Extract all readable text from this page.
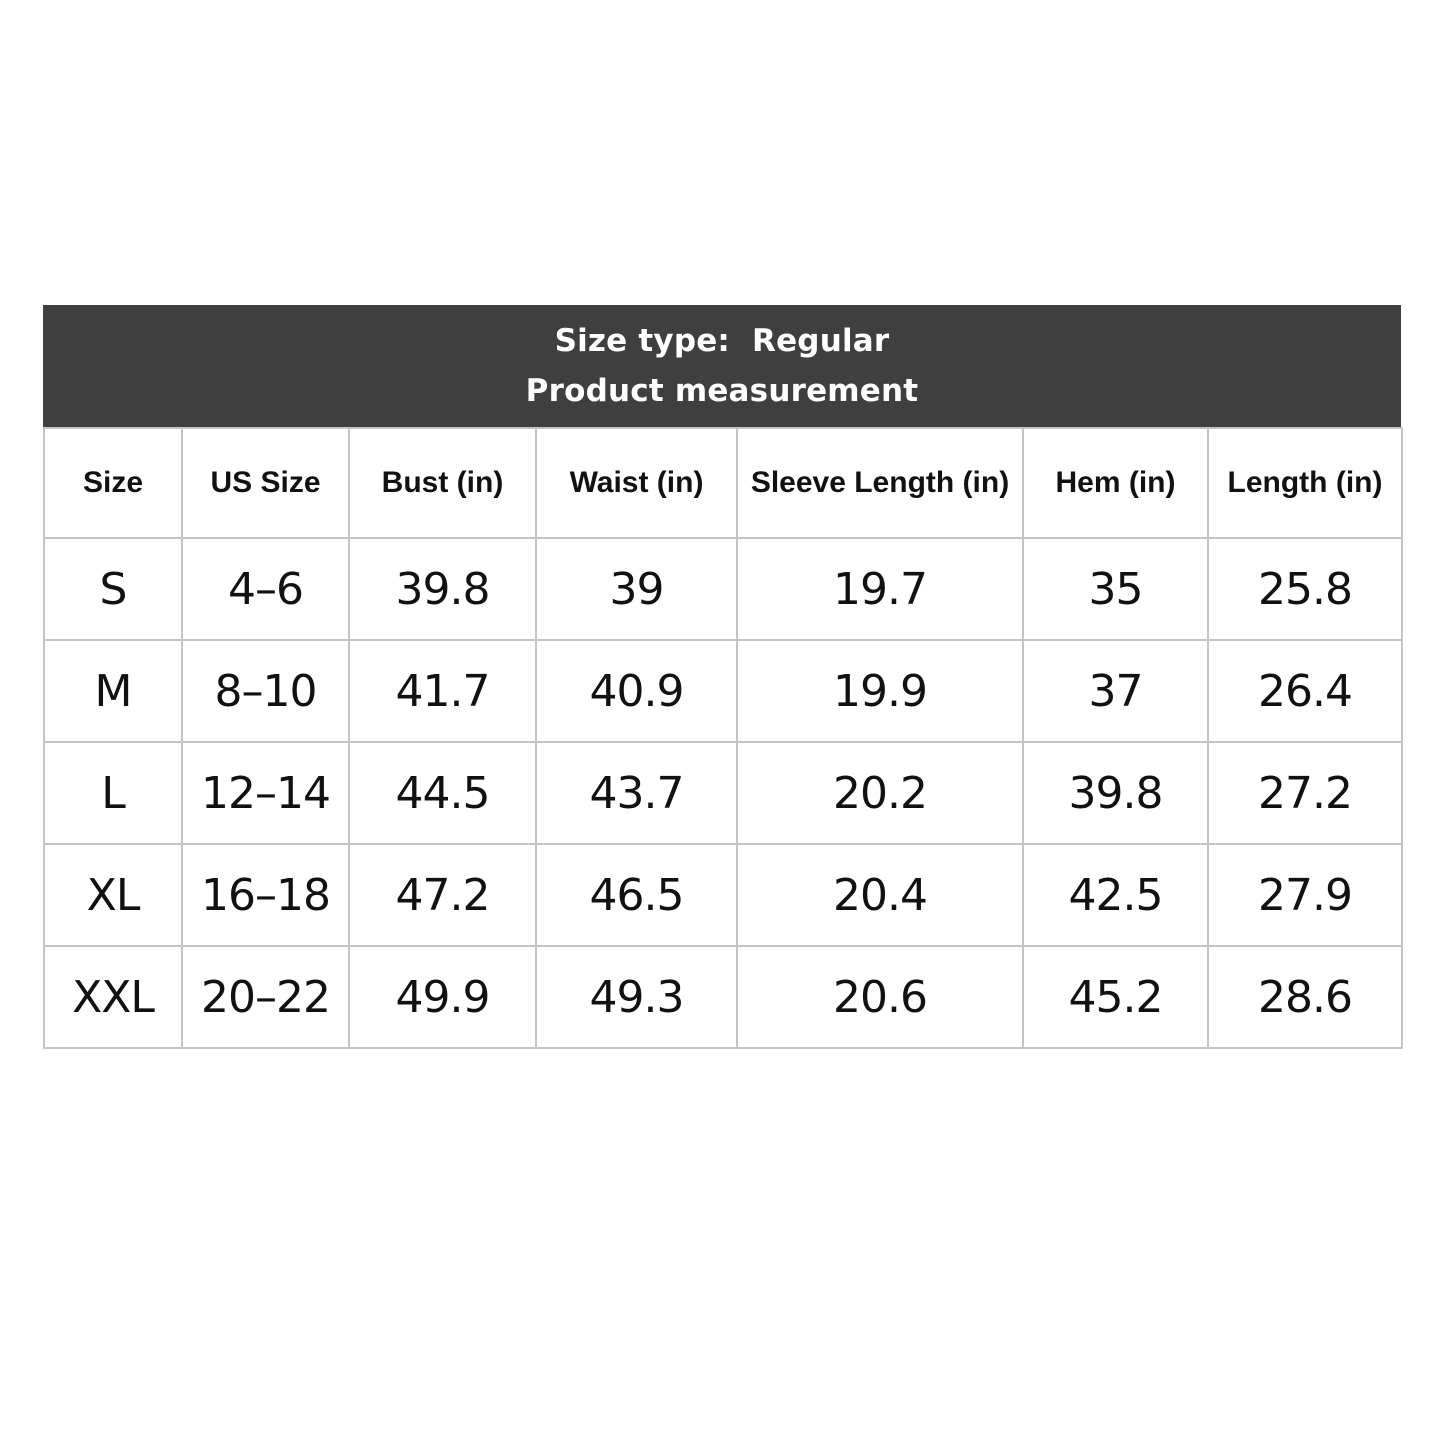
Size type:  Regular
Product measurement
Size	US Size	Bust (in)	Waist (in)	Sleeve Length (in)	Hem (in)	Length (in)
S	4–6	39.8	39	19.7	35	25.8
M	8–10	41.7	40.9	19.9	37	26.4
L	12–14	44.5	43.7	20.2	39.8	27.2
XL	16–18	47.2	46.5	20.4	42.5	27.9
XXL	20–22	49.9	49.3	20.6	45.2	28.6
